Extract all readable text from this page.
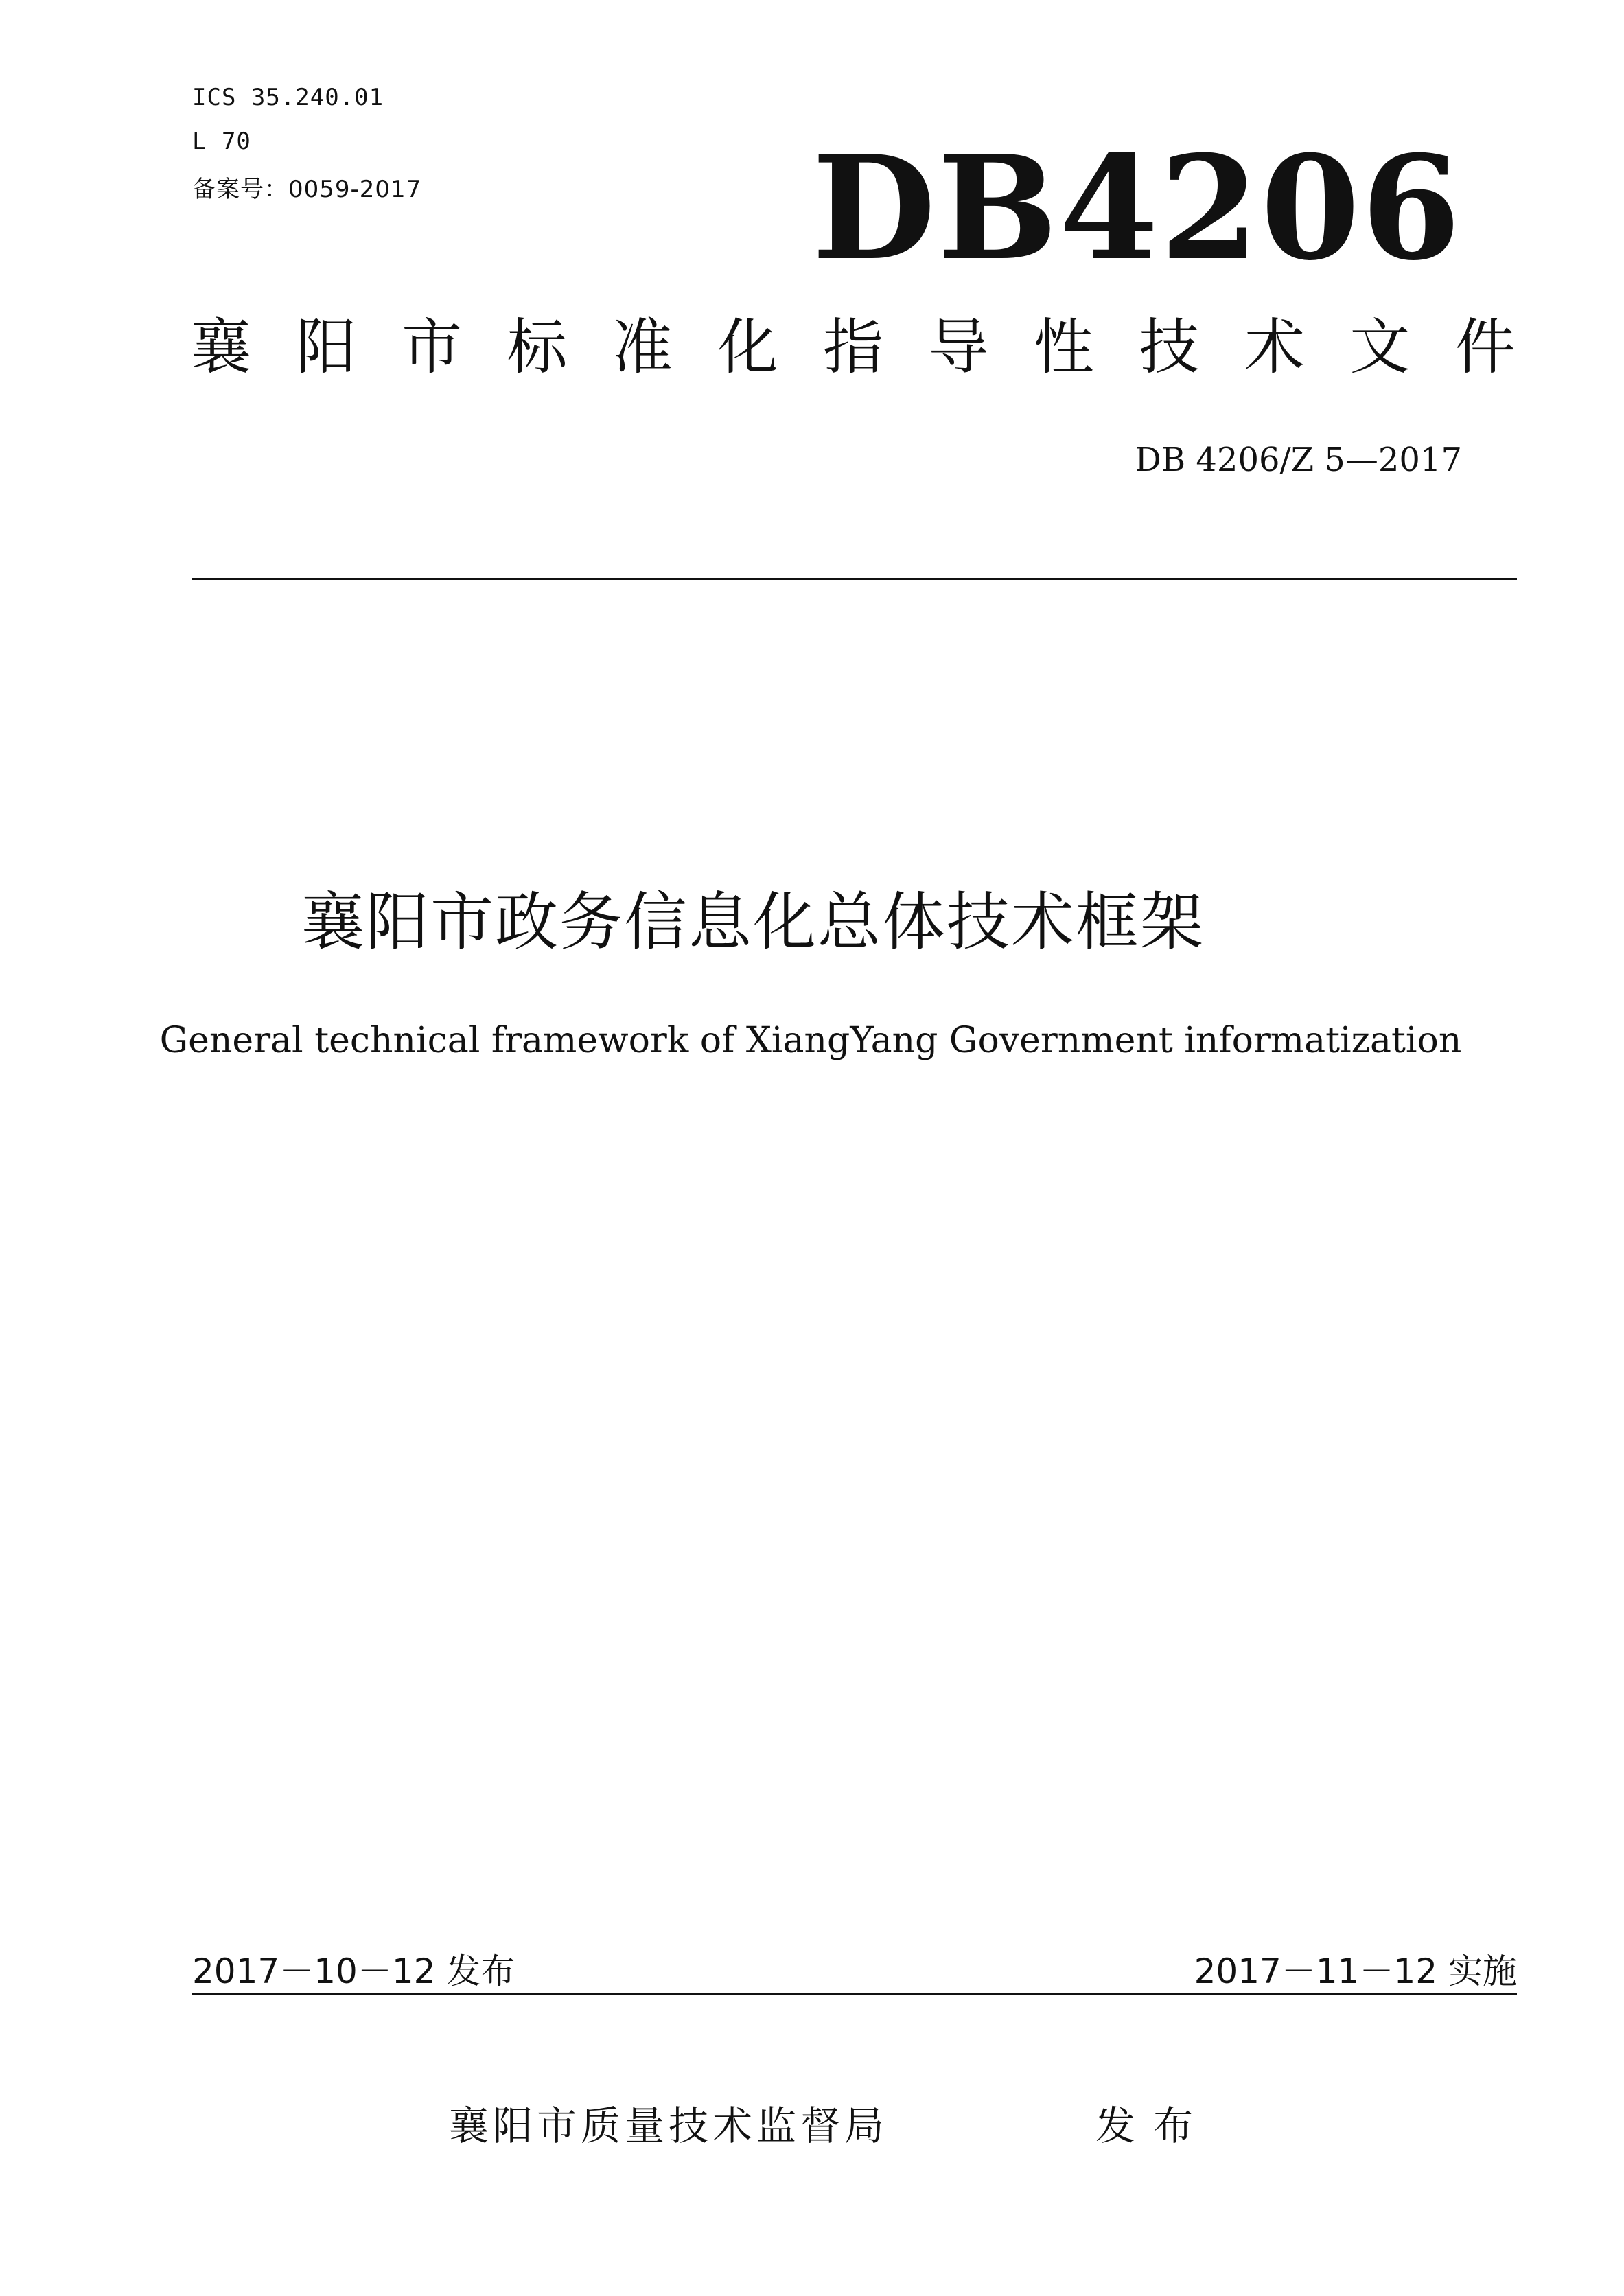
ICS 35.240.01
L 70
备案号：0059-2017	DB4206
襄 阳 市 标 准 化 指 导 性 技 术 文 件
DB 4206/Z 5—2017
襄阳市政务信息化总体技术框架
General technical framework of XiangYang Government informatization
2017－10－12 发布	2017－11－12 实施
襄阳市质量技术监督局	发布
